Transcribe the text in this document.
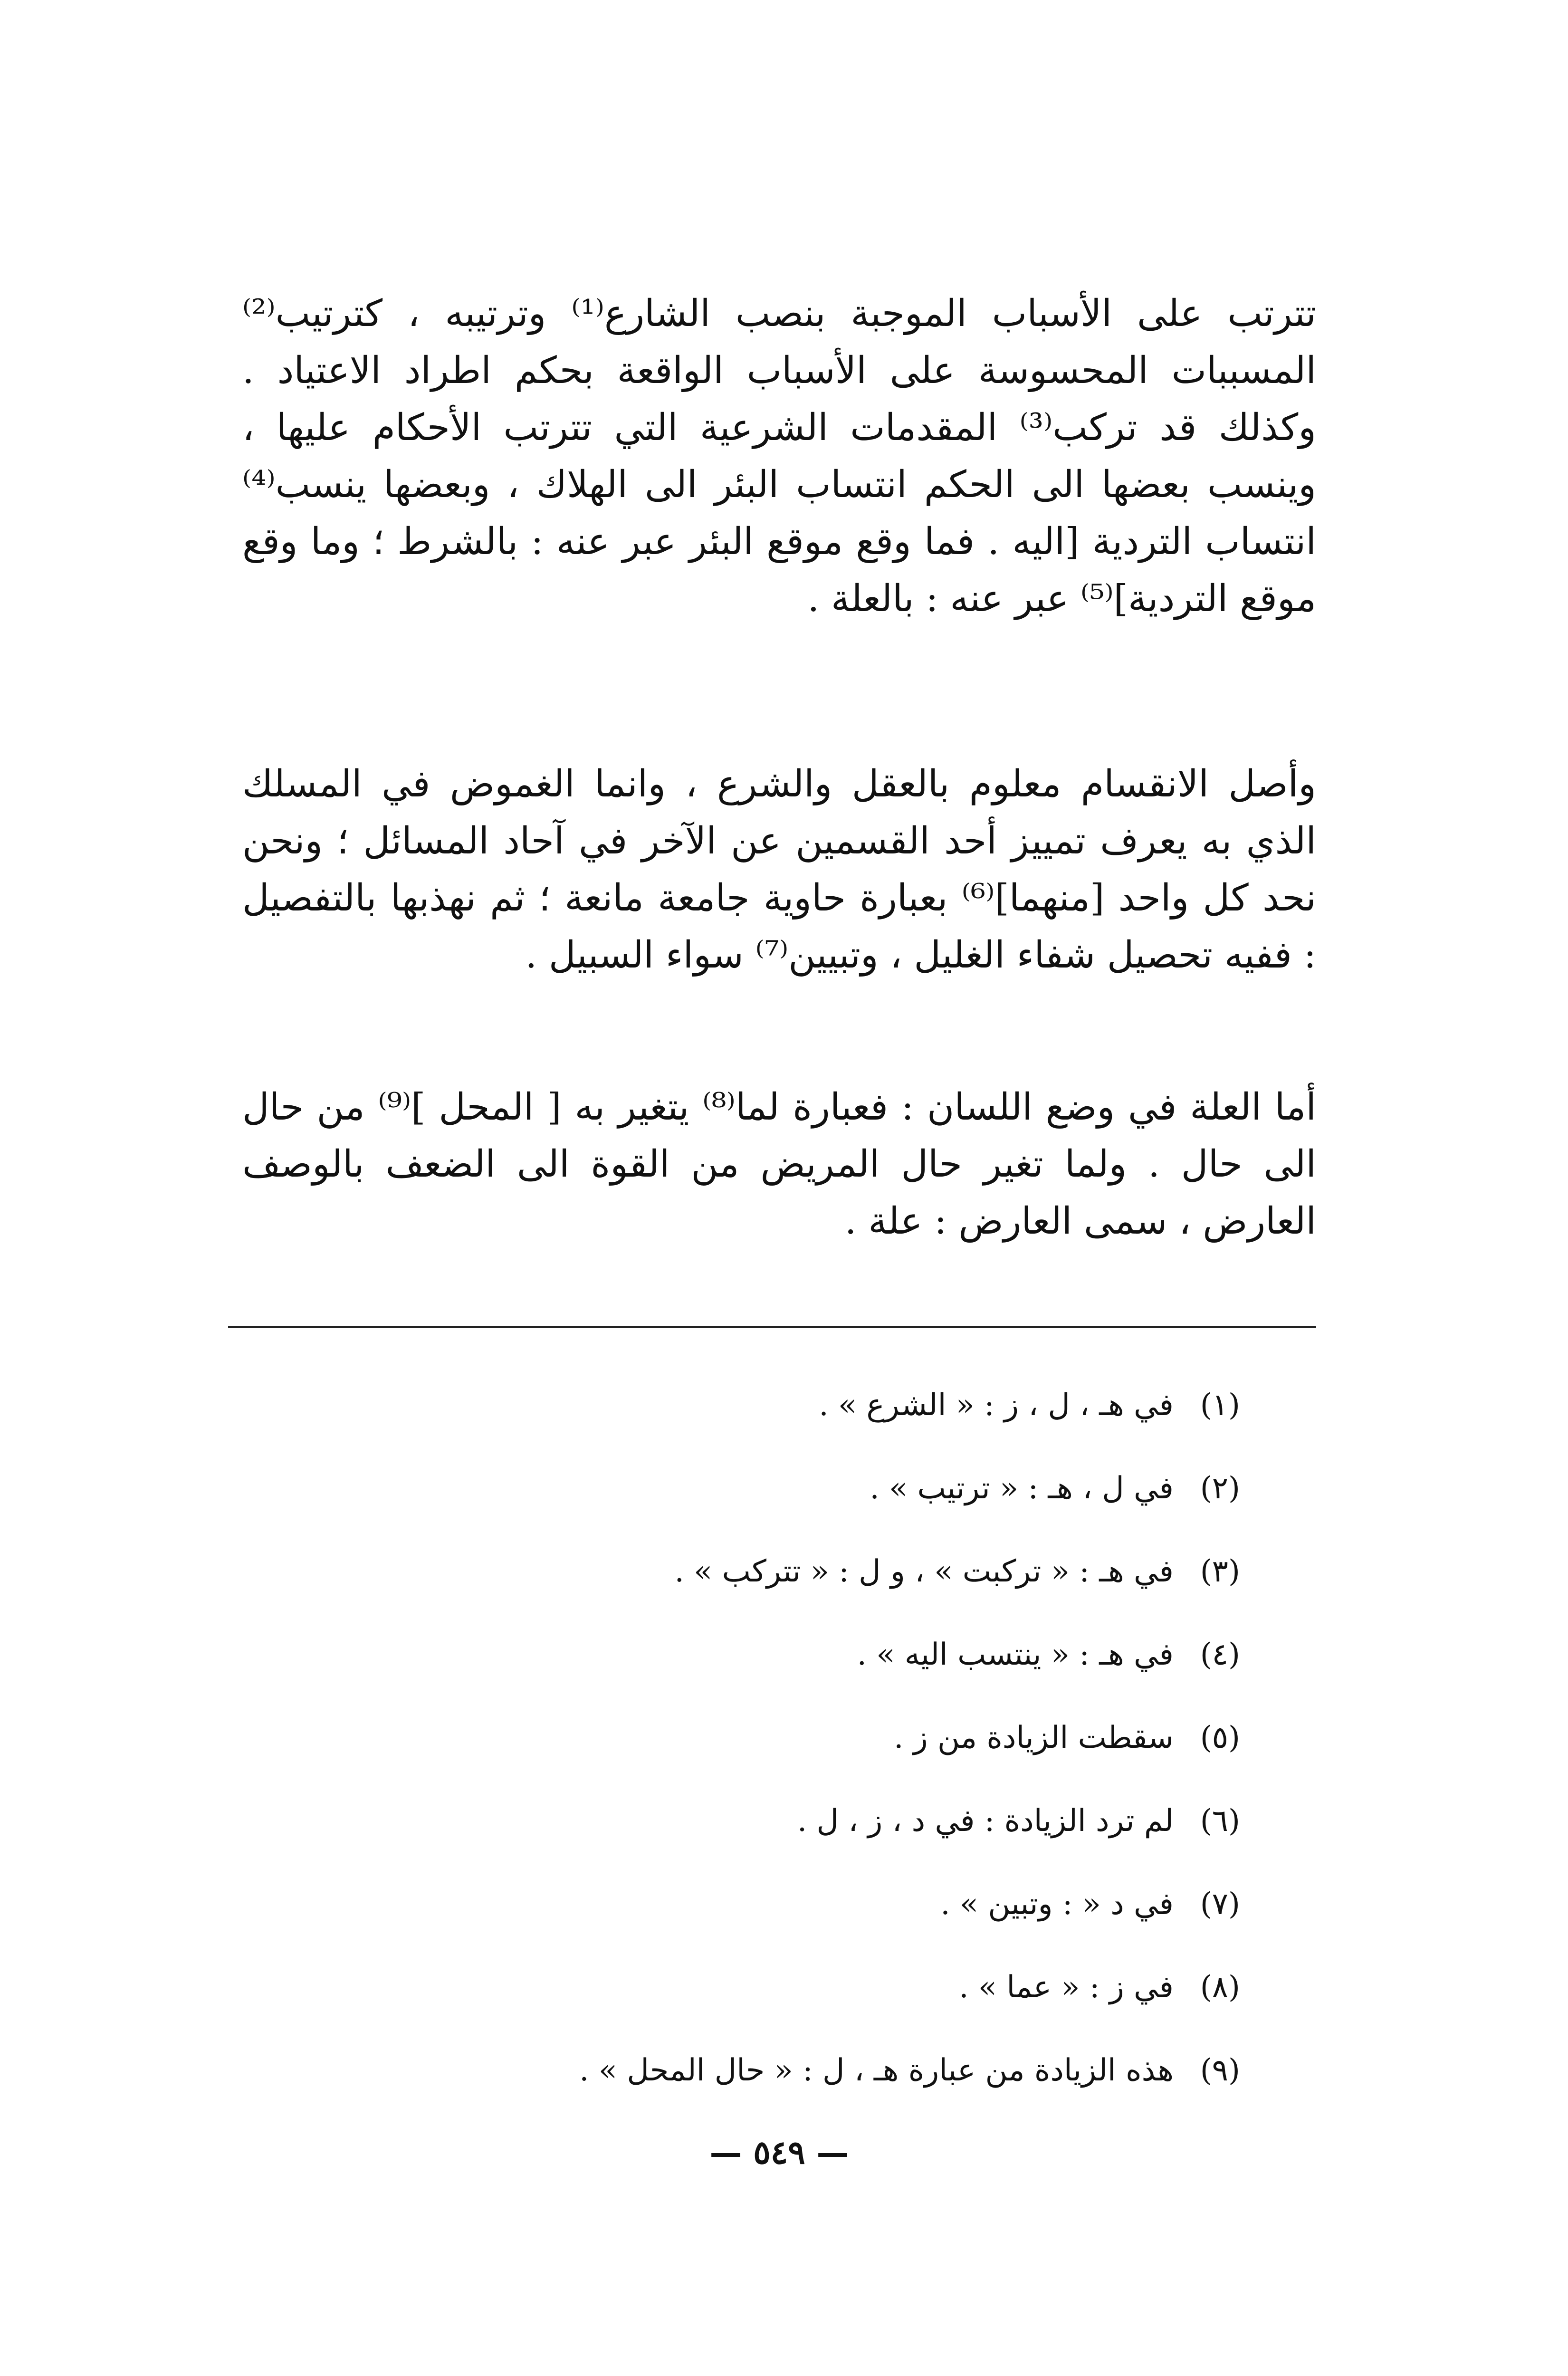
تترتب على الأسباب الموجبة بنصب الشارع⁽¹⁾ وترتيبه ، كترتيب⁽²⁾ المسببات المحسوسة على الأسباب الواقعة بحكم اطراد الاعتياد . وكذلك قد تركب⁽³⁾ المقدمات الشرعية التي تترتب الأحكام عليها ، وينسب بعضها الى الحكم انتساب البئر الى الهلاك ، وبعضها ينسب⁽⁴⁾ انتساب التردية [اليه . فما وقع موقع البئر عبر عنه : بالشرط ؛ وما وقع موقع التردية]⁽⁵⁾ عبر عنه : بالعلة .

وأصل الانقسام معلوم بالعقل والشرع ، وانما الغموض في المسلك الذي به يعرف تمييز أحد القسمين عن الآخر في آحاد المسائل ؛ ونحن نحد كل واحد [منهما]⁽⁶⁾ بعبارة حاوية جامعة مانعة ؛ ثم نهذبها بالتفصيل : ففيه تحصيل شفاء الغليل ، وتبيين⁽⁷⁾ سواء السبيل .

أما العلة في وضع اللسان : فعبارة لما⁽⁸⁾ يتغير به [ المحل ]⁽⁹⁾ من حال الى حال . ولما تغير حال المريض من القوة الى الضعف بالوصف العارض ، سمى العارض : علة .

(١)
في هـ ، ل ، ز : « الشرع » .
(٢)
في ل ، هـ : « ترتيب » .
(٣)
في هـ : « تركبت » ، و ل : « تتركب » .
(٤)
في هـ : « ينتسب اليه » .
(٥)
سقطت الزيادة من ز .
(٦)
لم ترد الزيادة : في د ، ز ، ل .
(٧)
في د « : وتبين » .
(٨)
في ز : « عما » .
(٩)
هذه الزيادة من عبارة هـ ، ل : « حال المحل » .
— ٥٤٩ —
